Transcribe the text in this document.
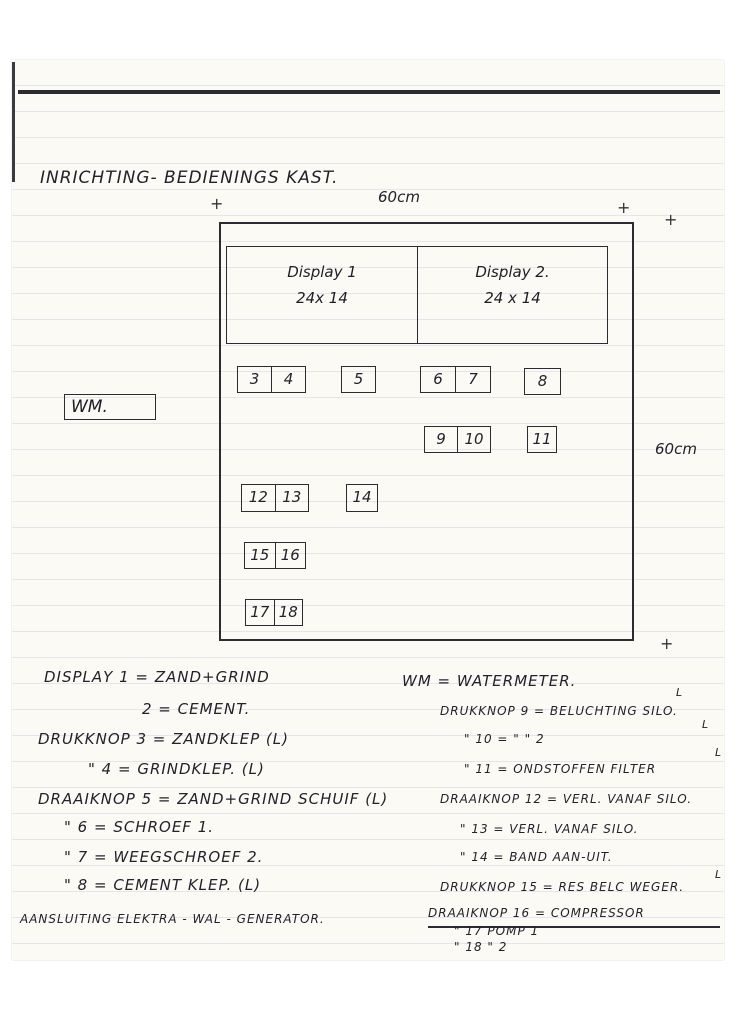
INRICHTING- BEDIENINGS KAST.
60cm
60cm
+	+
+
+
Display 1
24x 14
Display 2.
24 x 14
WM.
3	4	5	6	7	8
9	10	11
12 13	14
15 16
17 18
DISPLAY 1 = ZAND+GRIND
2 = CEMENT.
DRUKKNOP 3 = ZANDKLEP (L)
" 4 = GRINDKLEP. (L)
DRAAIKNOP 5 = ZAND+GRIND SCHUIF (L)
" 6 = SCHROEF 1.
" 7 = WEEGSCHROEF 2.
" 8 = CEMENT KLEP. (L)
AANSLUITING ELEKTRA - WAL - GENERATOR.
WM = WATERMETER.
DRUKKNOP 9 = BELUCHTING SILO.
" 10 = " " 2
" 11 = ONDSTOFFEN FILTER
DRAAIKNOP 12 = VERL. VANAF SILO.
" 13 = VERL. VANAF SILO.
" 14 = BAND AAN-UIT.
DRUKKNOP 15 = RES BELC WEGER.
DRAAIKNOP 16 = COMPRESSOR
" 17 POMP 1
" 18 " 2
L
L
L
L
